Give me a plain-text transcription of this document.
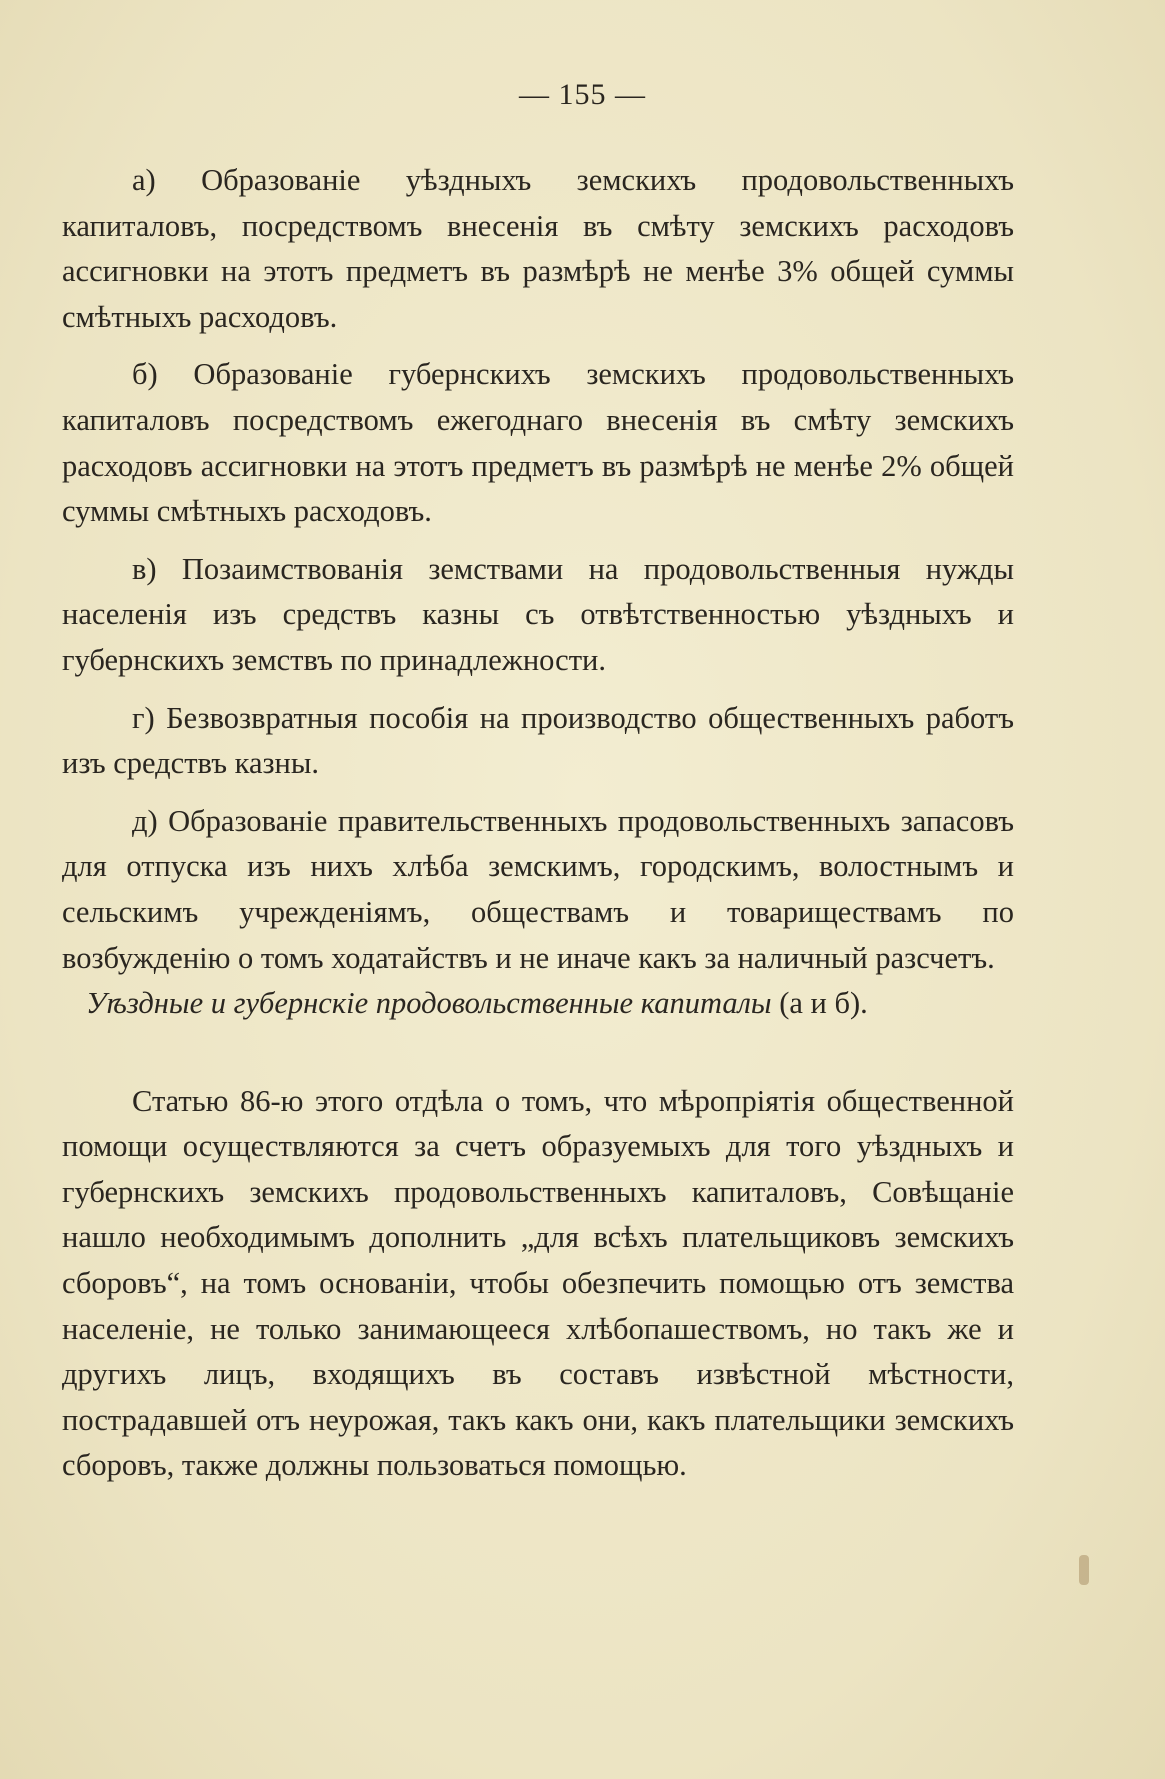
— 155 —

а) Образованіе уѣздныхъ земскихъ продовольственныхъ капиталовъ, посредствомъ внесенія въ смѣту земскихъ расходовъ ассигновки на этотъ предметъ въ размѣрѣ не менѣе 3% общей суммы смѣтныхъ расходовъ.

б) Образованіе губернскихъ земскихъ продовольственныхъ капиталовъ посредствомъ ежегоднаго внесенія въ смѣту земскихъ расходовъ ассигновки на этотъ предметъ въ размѣрѣ не менѣе 2% общей суммы смѣтныхъ расходовъ.

в) Позаимствованія земствами на продовольственныя нужды населенія изъ средствъ казны съ отвѣтственностью уѣздныхъ и губернскихъ земствъ по принадлежности.

г) Безвозвратныя пособія на производство общественныхъ работъ изъ средствъ казны.

д) Образованіе правительственныхъ продовольственныхъ запасовъ для отпуска изъ нихъ хлѣба земскимъ, городскимъ, волостнымъ и сельскимъ учрежденіямъ, обществамъ и товариществамъ по возбужденію о томъ ходатайствъ и не иначе какъ за наличный разсчетъ.

Уѣздные и губернскіе продовольственные капиталы (а и б).

Статью 86-ю этого отдѣла о томъ, что мѣропріятія общественной помощи осуществляются за счетъ образуемыхъ для того уѣздныхъ и губернскихъ земскихъ продовольственныхъ капиталовъ, Совѣщаніе нашло необходимымъ дополнить „для всѣхъ плательщиковъ земскихъ сборовъ“, на томъ основаніи, чтобы обезпечить помощью отъ земства населеніе, не только занимающееся хлѣбопашествомъ, но такъ же и другихъ лицъ, входящихъ въ составъ извѣстной мѣстности, пострадавшей отъ неурожая, такъ какъ они, какъ плательщики земскихъ сборовъ, также должны пользоваться помощью.
